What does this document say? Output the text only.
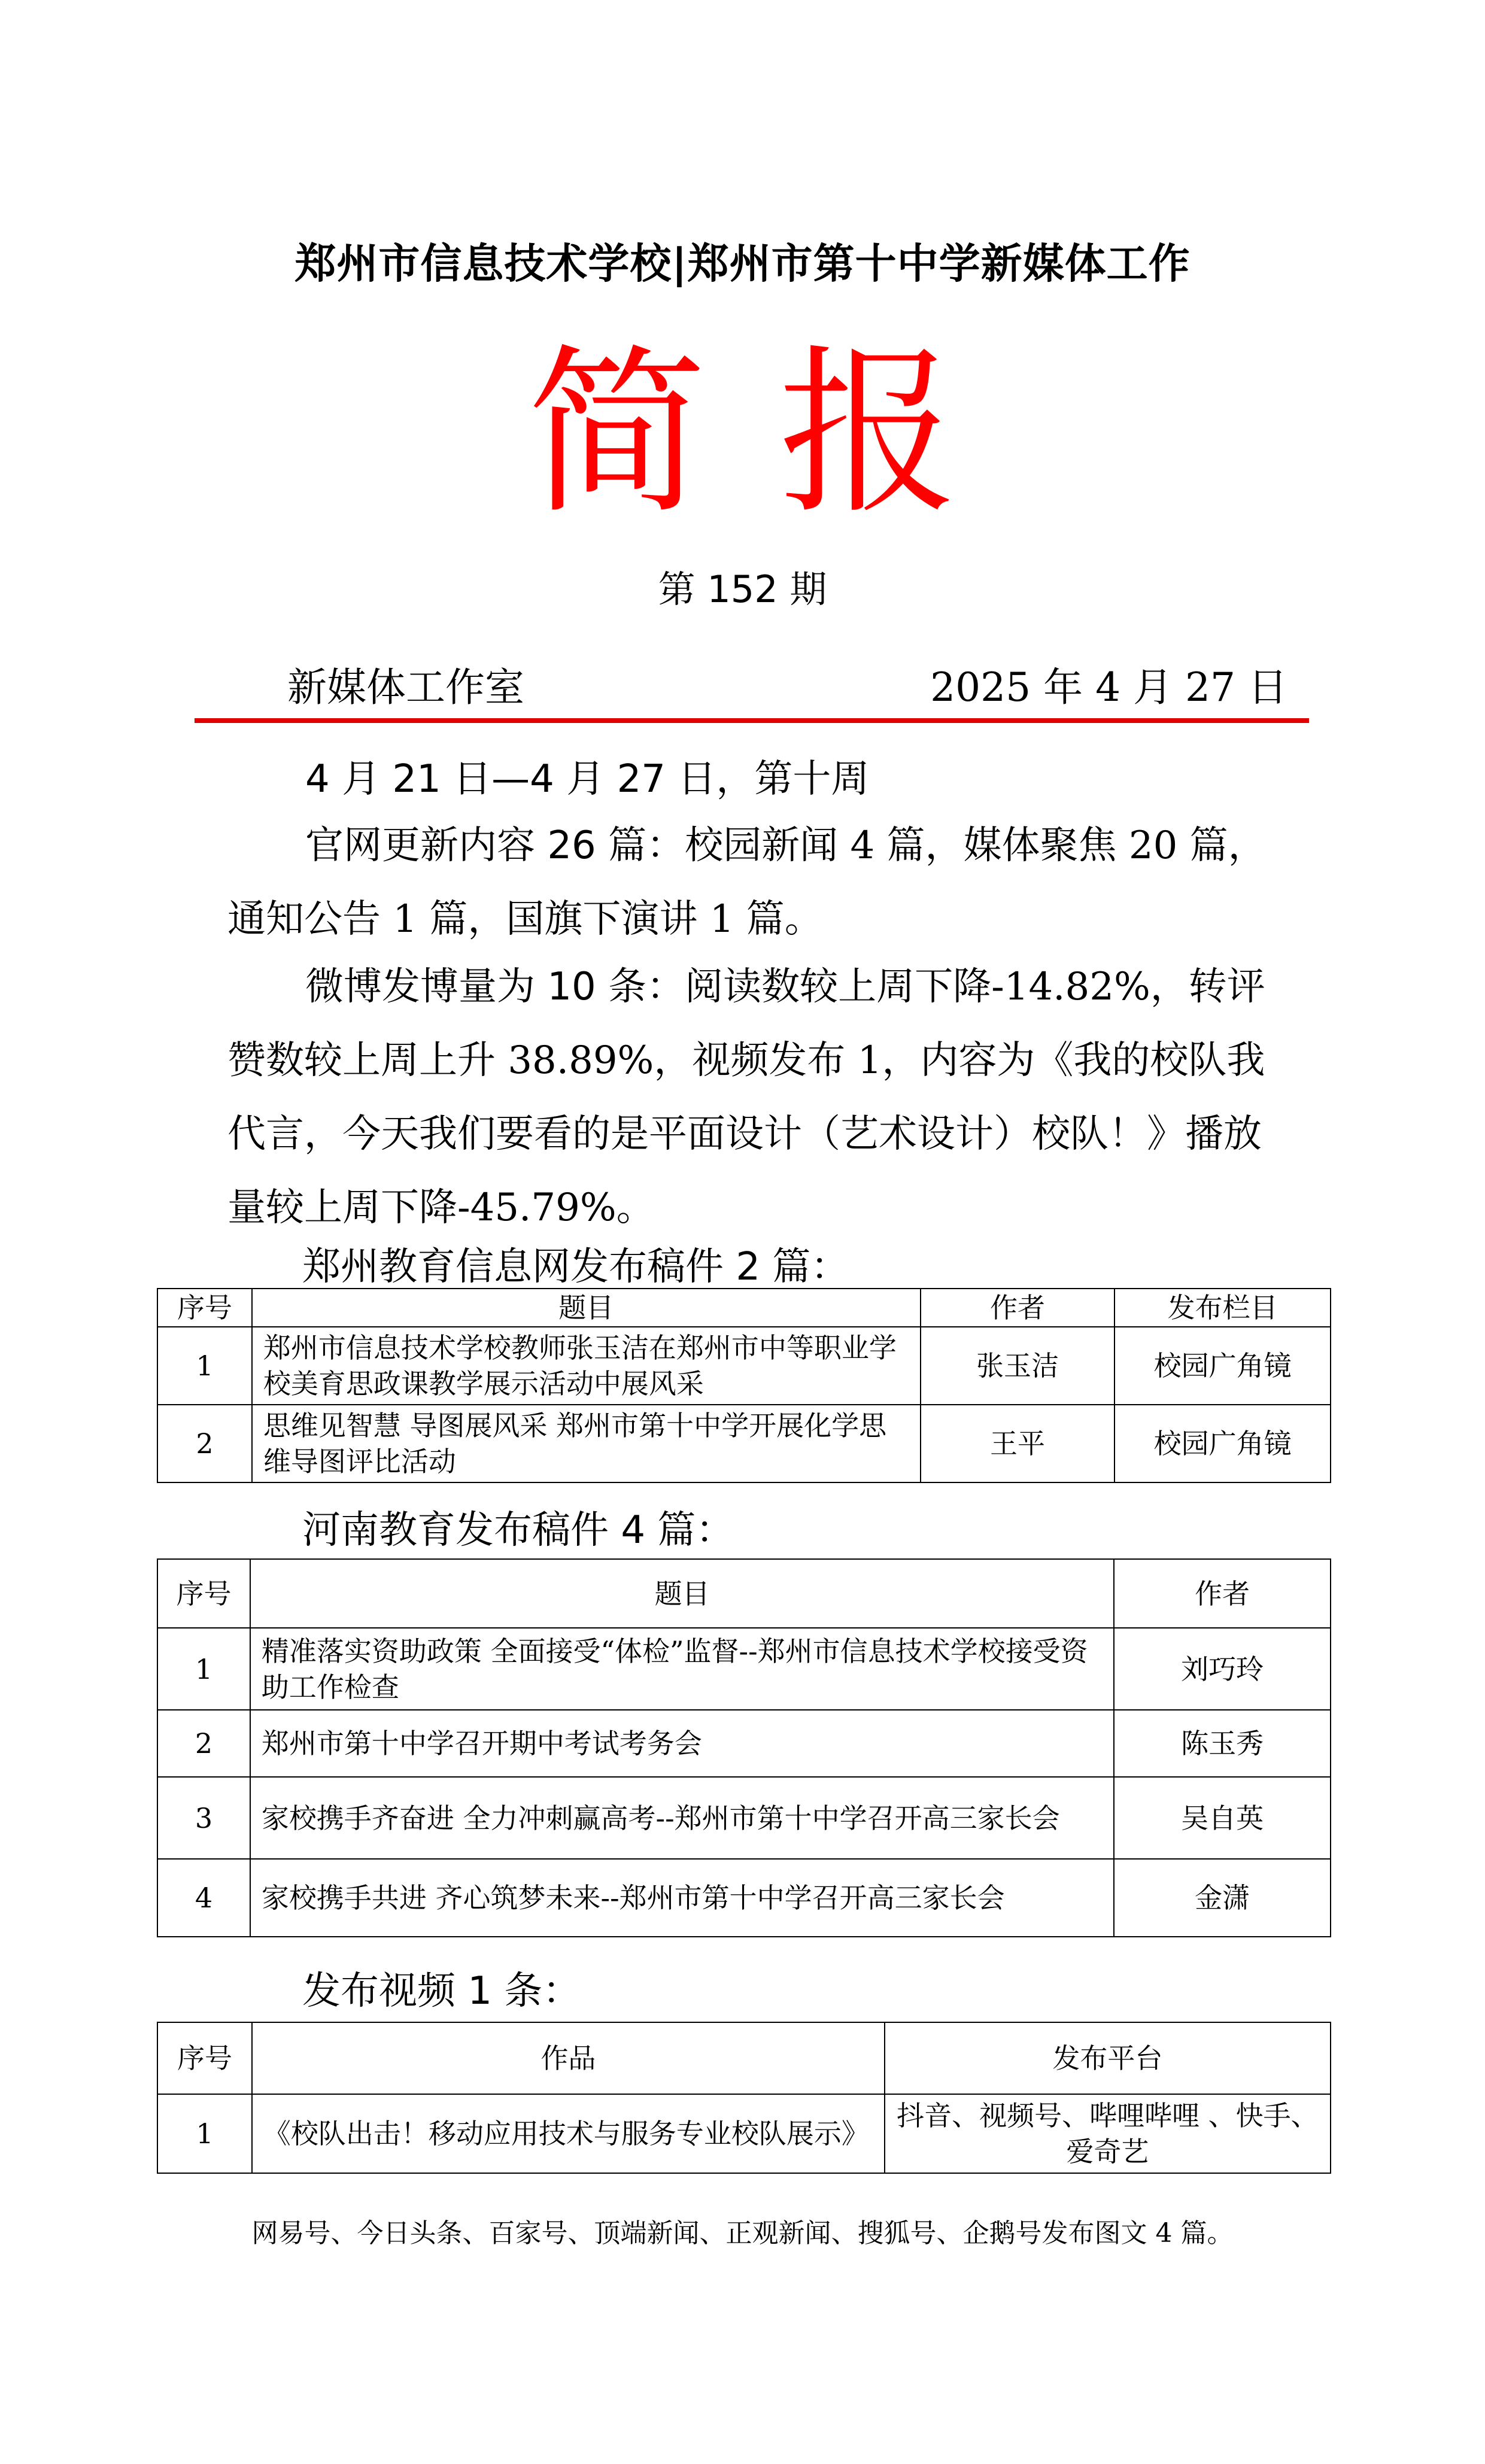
郑州市信息技术学校|郑州市第十中学新媒体工作
简报
第 152 期
新媒体工作室	2025 年 4 月 27 日
4 月 21 日—4 月 27 日，第十周
官网更新内容 26 篇：校园新闻 4 篇，媒体聚焦 20 篇，通知公告 1 篇，国旗下演讲 1 篇。
微博发博量为 10 条：阅读数较上周下降-14.82%，转评赞数较上周上升 38.89%，视频发布 1，内容为《我的校队我代言，今天我们要看的是平面设计（艺术设计）校队！》播放量较上周下降-45.79%。
郑州教育信息网发布稿件 2 篇：
序号	题目	作者	发布栏目
1	郑州市信息技术学校教师张玉洁在郑州市中等职业学校美育思政课教学展示活动中展风采	张玉洁	校园广角镜
2	思维见智慧 导图展风采 郑州市第十中学开展化学思维导图评比活动	王平	校园广角镜
河南教育发布稿件 4 篇：
序号	题目	作者
1	精准落实资助政策 全面接受“体检”监督--郑州市信息技术学校接受资助工作检查	刘巧玲
2	郑州市第十中学召开期中考试考务会	陈玉秀
3	家校携手齐奋进 全力冲刺赢高考--郑州市第十中学召开高三家长会	吴自英
4	家校携手共进 齐心筑梦未来--郑州市第十中学召开高三家长会	金潇
发布视频 1 条：
序号	作品	发布平台
1	《校队出击！移动应用技术与服务专业校队展示》	抖音、视频号、哔哩哔哩 、快手、爱奇艺
网易号、今日头条、百家号、顶端新闻、正观新闻、搜狐号、企鹅号发布图文 4 篇。
